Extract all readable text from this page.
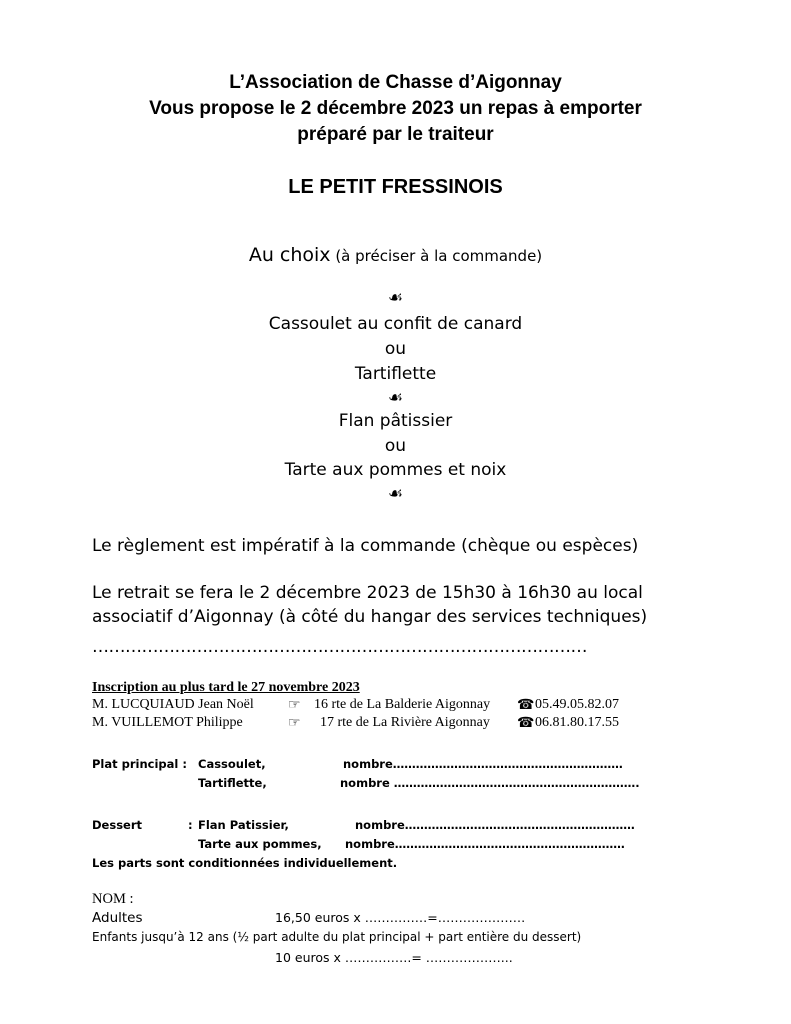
L’Association de Chasse d’Aigonnay
Vous propose le 2 décembre 2023 un repas à emporter
préparé par le traiteur
LE PETIT FRESSINOIS
Au choix (à préciser à la commande)
☙
Cassoulet au confit de canard
ou
Tartiflette
☙
Flan pâtissier
ou
Tarte aux pommes et noix
☙
Le règlement est impératif à la commande (chèque ou espèces)
Le retrait se fera le 2 décembre 2023 de 15h30 à 16h30 au local
associatif d’Aigonnay (à côté du hangar des services techniques)
………………………………………………………………………………
Inscription au plus tard le 27 novembre 2023
M. LUCQUIAUD Jean Noël ☞ 16 rte de La Balderie Aigonnay ☎ 05.49.05.82.07
M. VUILLEMOT Philippe	☞ 17 rte de La Rivière Aigonnay ☎ 06.81.80.17.55
Plat principal : Cassoulet,	nombre……………………………………………………
Tartiflette,	nombre ……………………………………………………….
Dessert	: Flan Patissier,	nombre……………………………………………………
Tarte aux pommes, nombre……………………………………………………
Les parts sont conditionnées individuellement.
NOM :
Adultes	16,50 euros x ……………=…………………
Enfants jusqu’à 12 ans (½ part adulte du plat principal + part entière du dessert)
10 euros x …………….= ………………...
